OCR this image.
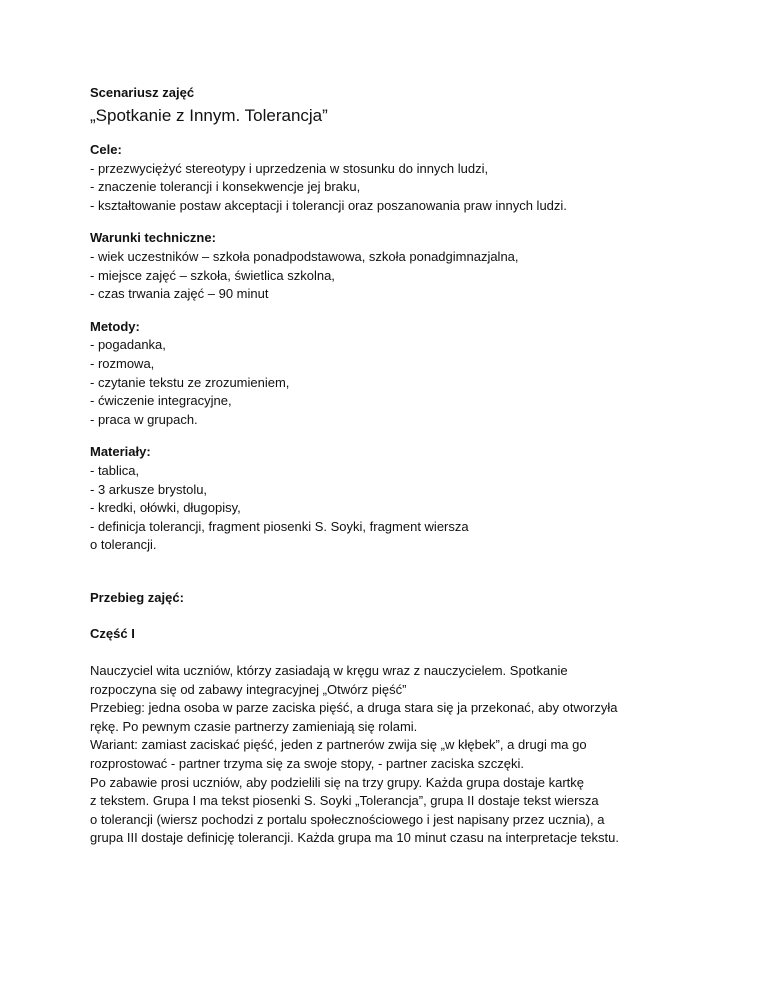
Scenariusz zajęć

„Spotkanie z Innym. Tolerancja”

Cele:

- przezwyciężyć stereotypy i uprzedzenia w stosunku do innych ludzi,

- znaczenie tolerancji i konsekwencje jej braku,

- kształtowanie postaw akceptacji i tolerancji oraz poszanowania praw innych ludzi.

Warunki techniczne:

- wiek uczestników – szkoła ponadpodstawowa, szkoła ponadgimnazjalna,

- miejsce zajęć – szkoła, świetlica szkolna,

- czas trwania zajęć – 90 minut

Metody:

- pogadanka,

- rozmowa,

- czytanie tekstu ze zrozumieniem,

- ćwiczenie integracyjne,

- praca w grupach.

Materiały:

- tablica,

- 3 arkusze brystolu,

- kredki, ołówki, długopisy,

- definicja tolerancji, fragment piosenki S. Soyki, fragment wiersza

o tolerancji.

Przebieg zajęć:

Część I

Nauczyciel wita uczniów, którzy zasiadają w kręgu wraz z nauczycielem. Spotkanie

rozpoczyna się od zabawy integracyjnej „Otwórz pięść”

Przebieg: jedna osoba w parze zaciska pięść, a druga stara się ja przekonać, aby otworzyła

rękę. Po pewnym czasie partnerzy zamieniają się rolami.

Wariant: zamiast zaciskać pięść, jeden z partnerów zwija się „w kłębek”, a drugi ma go

rozprostować - partner trzyma się za swoje stopy, - partner zaciska szczęki.

Po zabawie prosi uczniów, aby podzielili się na trzy grupy. Każda grupa dostaje kartkę

z tekstem. Grupa I ma tekst piosenki S. Soyki „Tolerancja”, grupa II dostaje tekst wiersza

o tolerancji (wiersz pochodzi z portalu społecznościowego i jest napisany przez ucznia), a

grupa III dostaje definicję tolerancji. Każda grupa ma 10 minut czasu na interpretacje tekstu.
